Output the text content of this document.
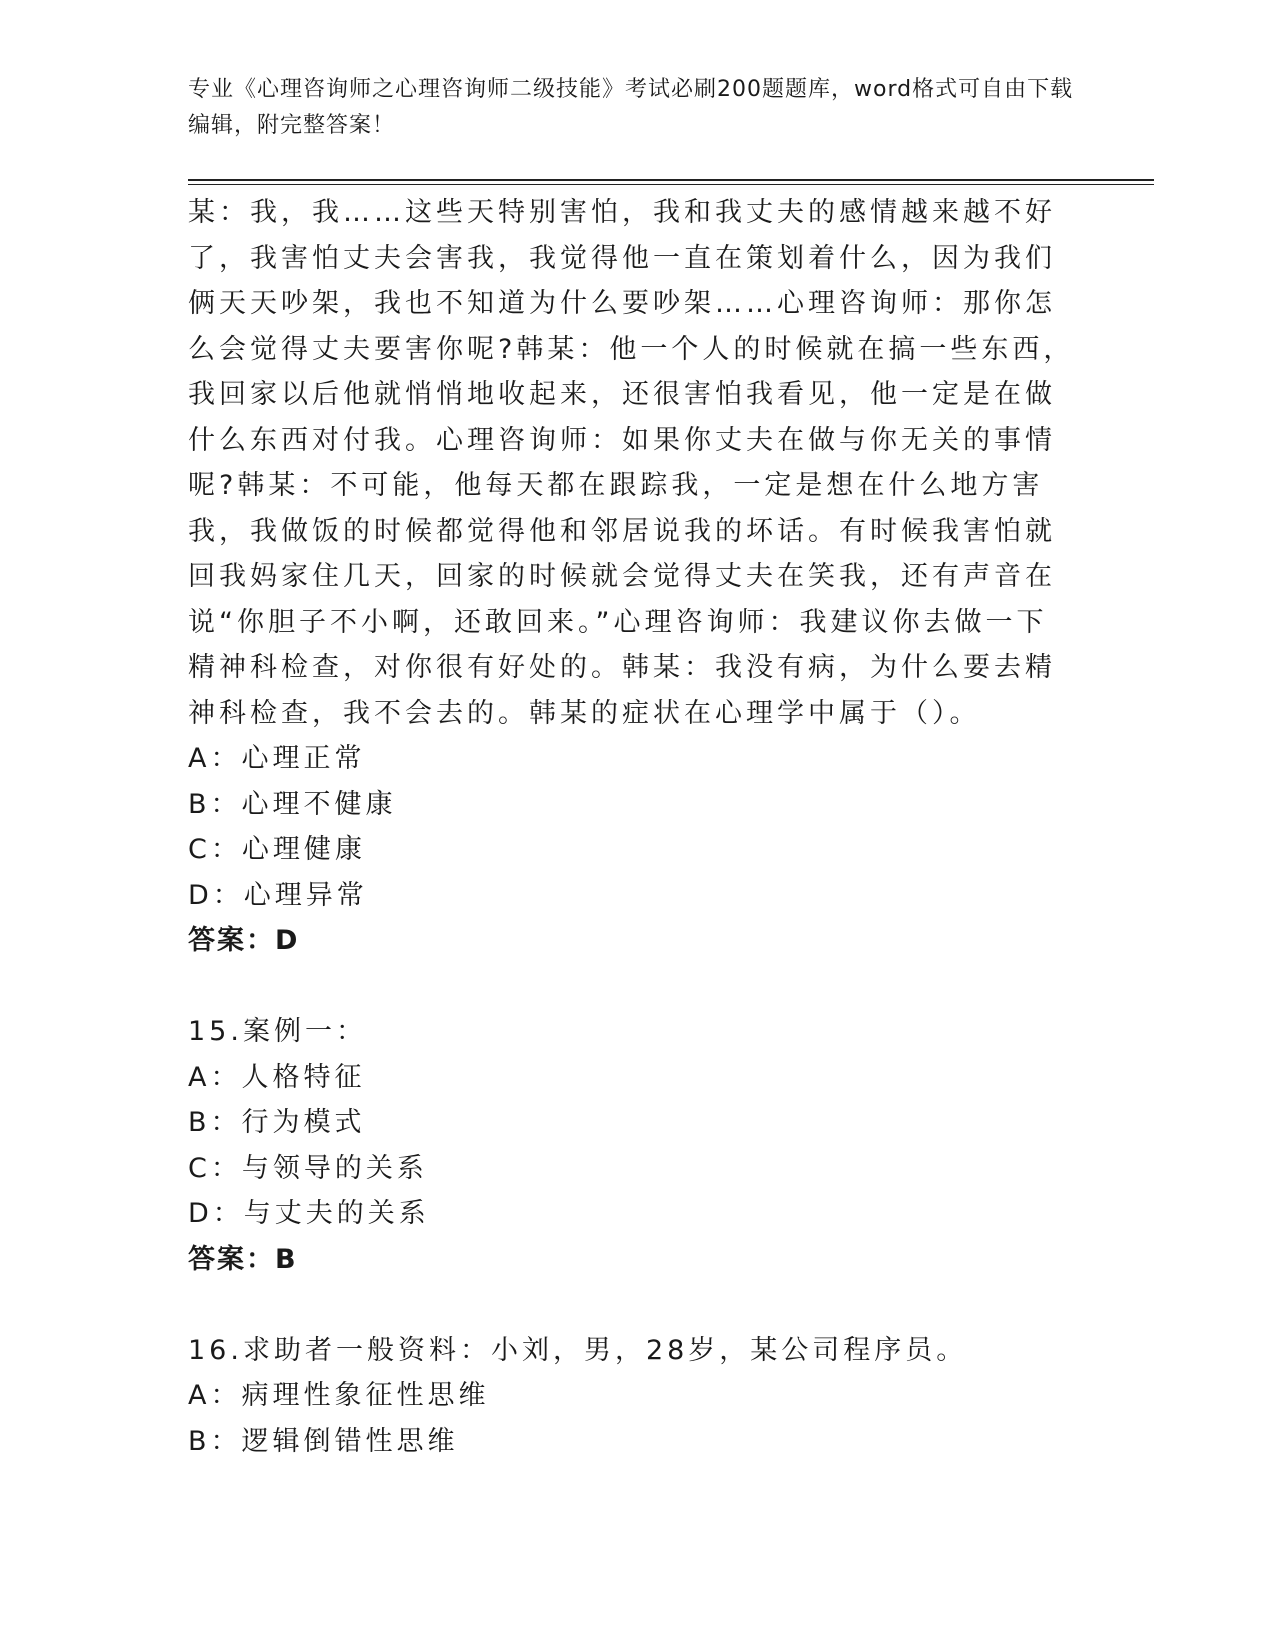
专业《心理咨询师之心理咨询师二级技能》考试必刷200题题库，word格式可自由下载编辑，附完整答案！

某：我，我……这些天特别害怕，我和我丈夫的感情越来越不好了，我害怕丈夫会害我，我觉得他一直在策划着什么，因为我们俩天天吵架，我也不知道为什么要吵架……心理咨询师：那你怎么会觉得丈夫要害你呢?韩某：他一个人的时候就在搞一些东西，我回家以后他就悄悄地收起来，还很害怕我看见，他一定是在做什么东西对付我。心理咨询师：如果你丈夫在做与你无关的事情呢?韩某：不可能，他每天都在跟踪我，一定是想在什么地方害我，我做饭的时候都觉得他和邻居说我的坏话。有时候我害怕就回我妈家住几天，回家的时候就会觉得丈夫在笑我，还有声音在说“你胆子不小啊，还敢回来。”心理咨询师：我建议你去做一下精神科检查，对你很有好处的。韩某：我没有病，为什么要去精神科检查，我不会去的。韩某的症状在心理学中属于（）。

A：心理正常

B：心理不健康

C：心理健康

D：心理异常

答案：D

15.案例一：

A：人格特征

B：行为模式

C：与领导的关系

D：与丈夫的关系

答案：B

16.求助者一般资料：小刘，男，28岁，某公司程序员。

A：病理性象征性思维

B：逻辑倒错性思维
